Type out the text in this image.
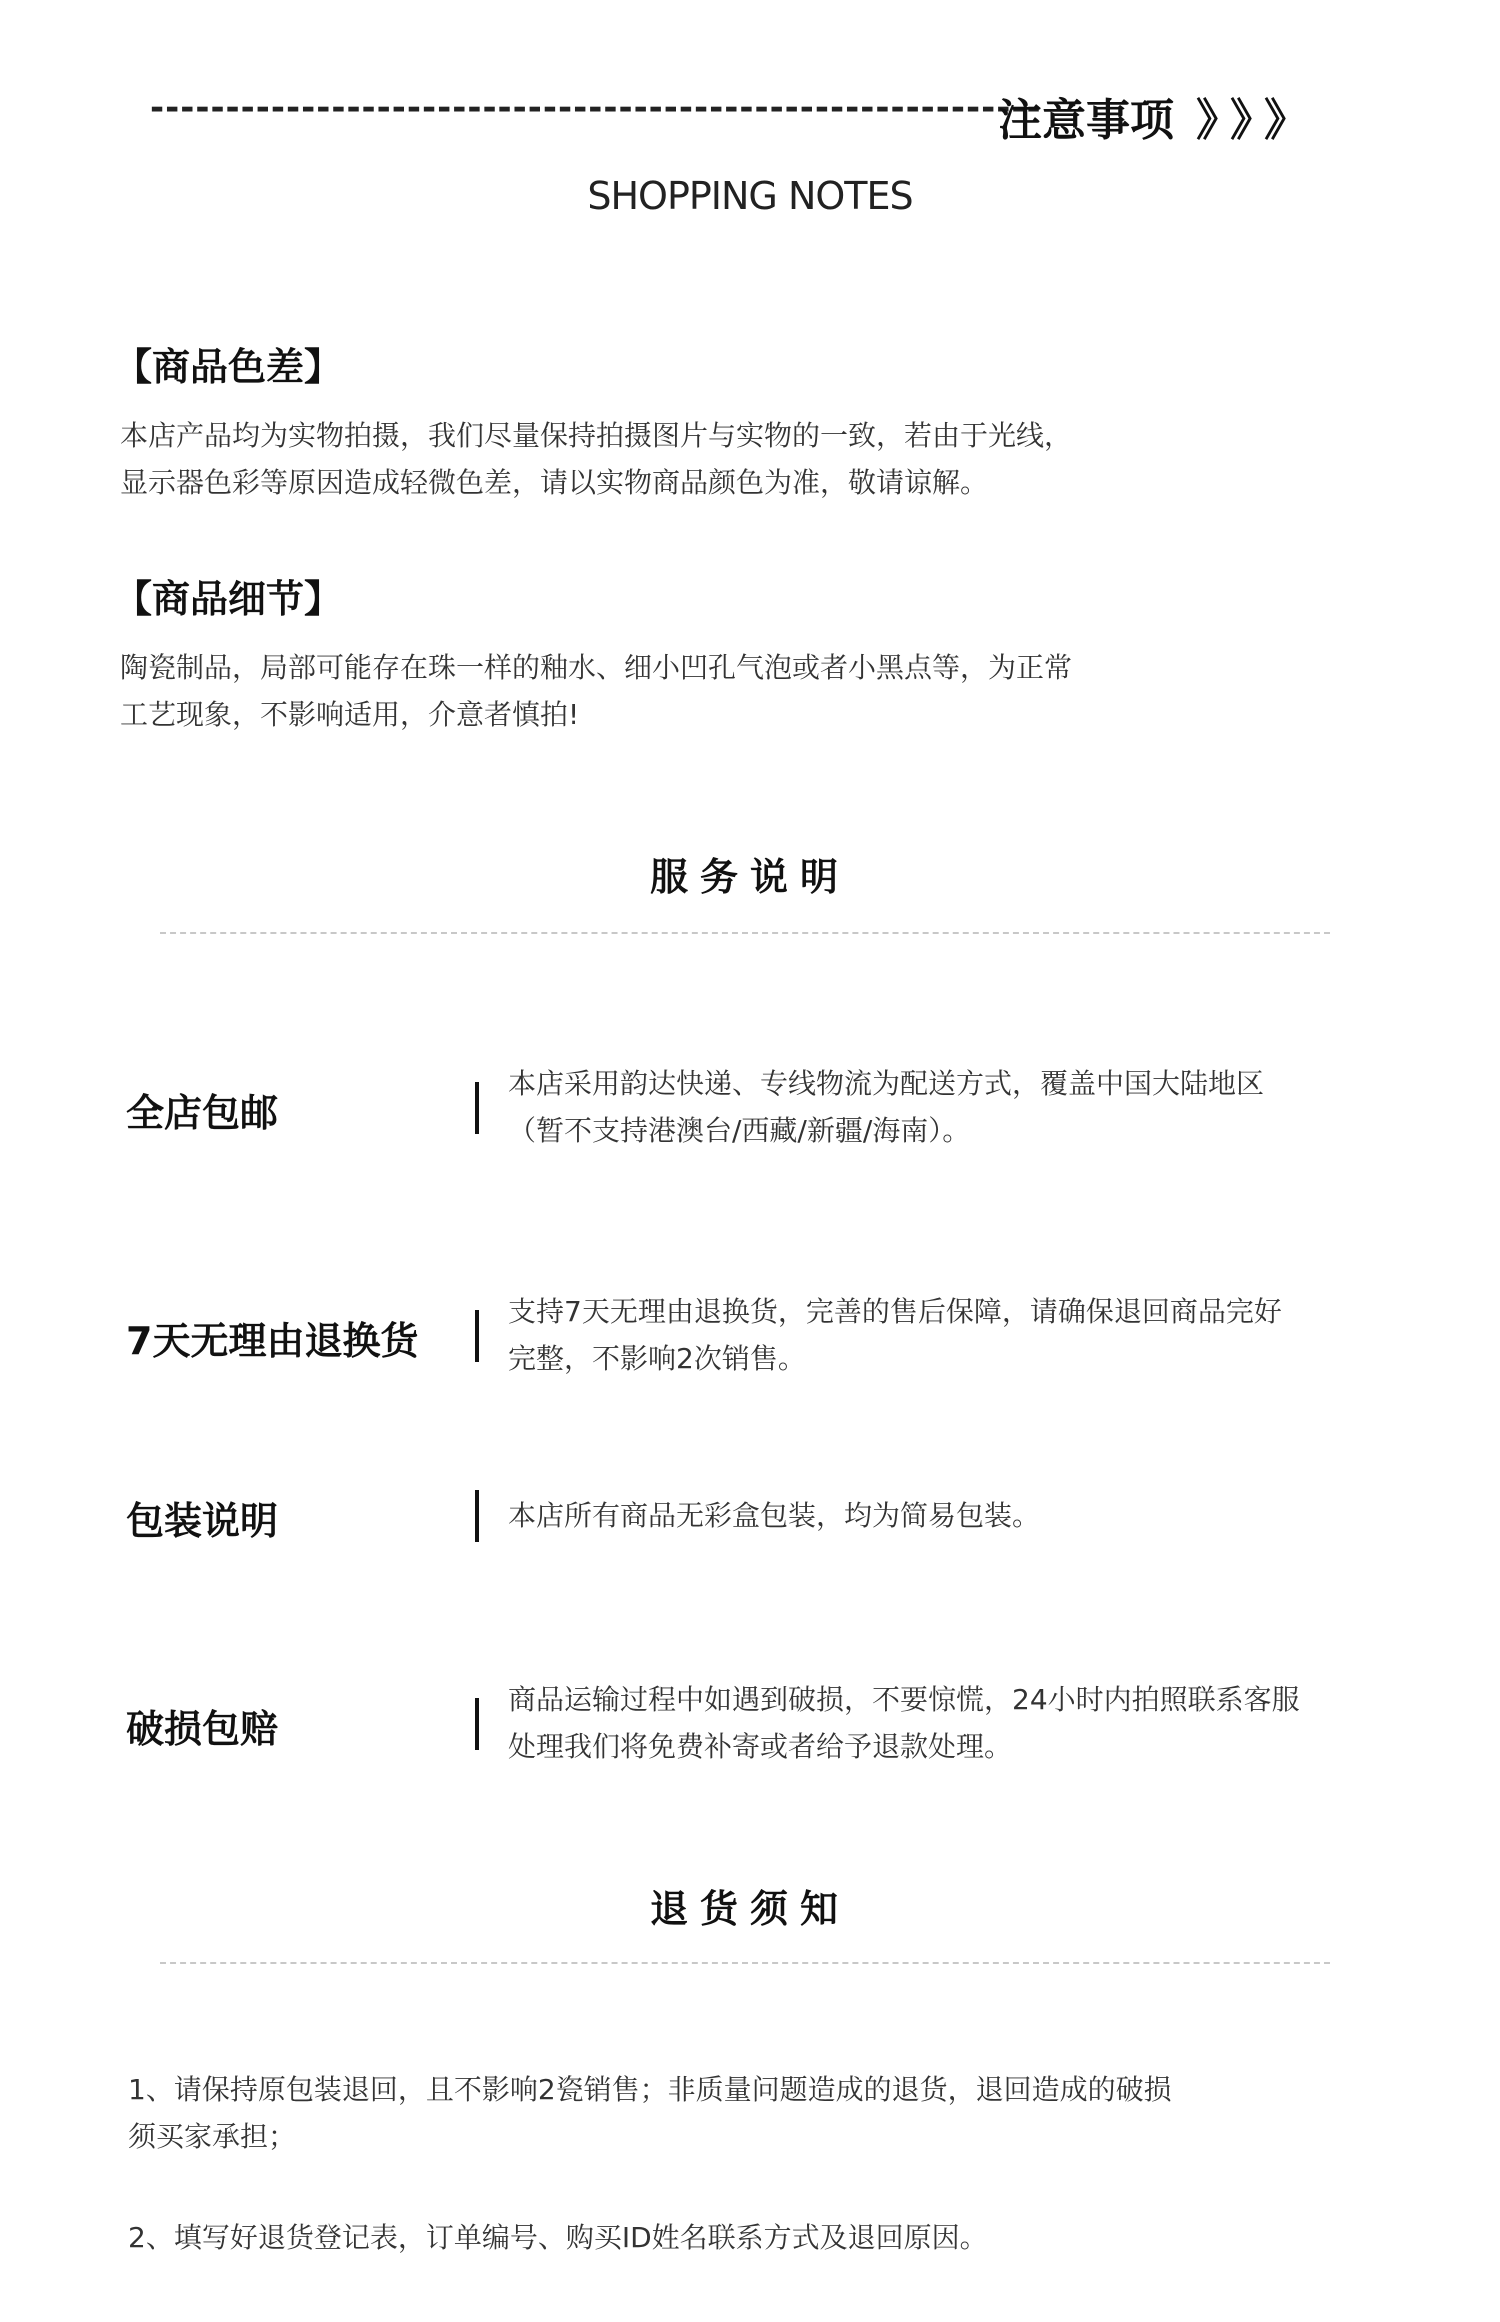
-----------------------------------------------------------
注意事项 》》》
SHOPPING NOTES
【商品色差】

本店产品均为实物拍摄，我们尽量保持拍摄图片与实物的一致，若由于光线，

显示器色彩等原因造成轻微色差，请以实物商品颜色为准，敬请谅解。

【商品细节】

陶瓷制品，局部可能存在珠一样的釉水、细小凹孔气泡或者小黑点等，为正常

工艺现象，不影响适用，介意者慎拍!

服务说明
全店包邮

本店采用韵达快递、专线物流为配送方式，覆盖中国大陆地区

（暂不支持港澳台/西藏/新疆/海南）。

7天无理由退换货

支持7天无理由退换货，完善的售后保障，请确保退回商品完好

完整，不影响2次销售。

包装说明	本店所有商品无彩盒包装，均为简易包装。

破损包赔

商品运输过程中如遇到破损，不要惊慌，24小时内拍照联系客服

处理我们将免费补寄或者给予退款处理。

退货须知

1、请保持原包装退回，且不影响2瓷销售；非质量问题造成的退货，退回造成的破损

须买家承担；

2、填写好退货登记表，订单编号、购买ID姓名联系方式及退回原因。
